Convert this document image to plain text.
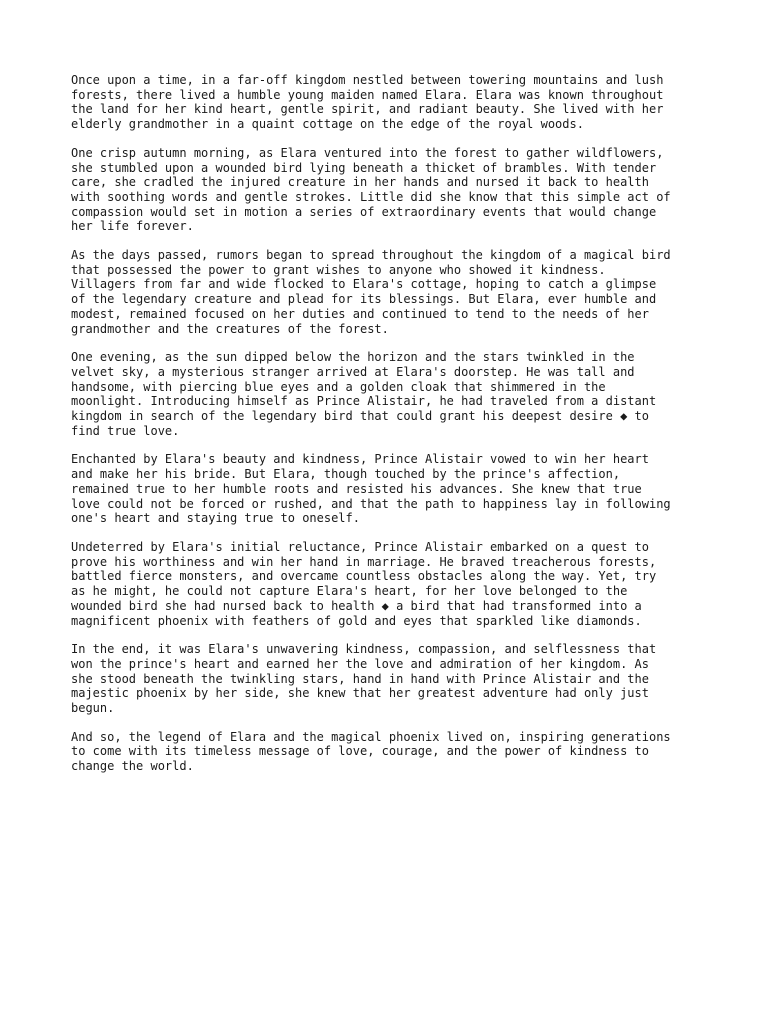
Once upon a time, in a far-off kingdom nestled between towering mountains and lush
forests, there lived a humble young maiden named Elara. Elara was known throughout
the land for her kind heart, gentle spirit, and radiant beauty. She lived with her
elderly grandmother in a quaint cottage on the edge of the royal woods.

One crisp autumn morning, as Elara ventured into the forest to gather wildflowers,
she stumbled upon a wounded bird lying beneath a thicket of brambles. With tender
care, she cradled the injured creature in her hands and nursed it back to health
with soothing words and gentle strokes. Little did she know that this simple act of
compassion would set in motion a series of extraordinary events that would change
her life forever.

As the days passed, rumors began to spread throughout the kingdom of a magical bird
that possessed the power to grant wishes to anyone who showed it kindness.
Villagers from far and wide flocked to Elara's cottage, hoping to catch a glimpse
of the legendary creature and plead for its blessings. But Elara, ever humble and
modest, remained focused on her duties and continued to tend to the needs of her
grandmother and the creatures of the forest.

One evening, as the sun dipped below the horizon and the stars twinkled in the
velvet sky, a mysterious stranger arrived at Elara's doorstep. He was tall and
handsome, with piercing blue eyes and a golden cloak that shimmered in the
moonlight. Introducing himself as Prince Alistair, he had traveled from a distant
kingdom in search of the legendary bird that could grant his deepest desire ◆ to
find true love.

Enchanted by Elara's beauty and kindness, Prince Alistair vowed to win her heart
and make her his bride. But Elara, though touched by the prince's affection,
remained true to her humble roots and resisted his advances. She knew that true
love could not be forced or rushed, and that the path to happiness lay in following
one's heart and staying true to oneself.

Undeterred by Elara's initial reluctance, Prince Alistair embarked on a quest to
prove his worthiness and win her hand in marriage. He braved treacherous forests,
battled fierce monsters, and overcame countless obstacles along the way. Yet, try
as he might, he could not capture Elara's heart, for her love belonged to the
wounded bird she had nursed back to health ◆ a bird that had transformed into a
magnificent phoenix with feathers of gold and eyes that sparkled like diamonds.

In the end, it was Elara's unwavering kindness, compassion, and selflessness that
won the prince's heart and earned her the love and admiration of her kingdom. As
she stood beneath the twinkling stars, hand in hand with Prince Alistair and the
majestic phoenix by her side, she knew that her greatest adventure had only just
begun.

And so, the legend of Elara and the magical phoenix lived on, inspiring generations
to come with its timeless message of love, courage, and the power of kindness to
change the world.
